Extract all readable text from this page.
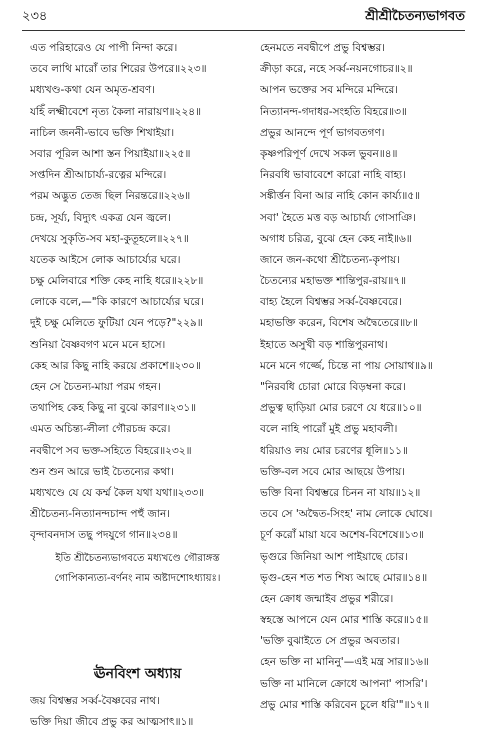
২৩৪	শ্রীশ্রীচৈতন্যভাগবত
এত পরিহারেও যে পাপী নিন্দা করে।
তবে লাথি মারোঁ তার শিরের উপরে॥২২৩॥
মধ্যখণ্ড-কথা যেন অমৃত-শ্রবণ।
যহিঁ লক্ষ্মীবেশে নৃত্য কৈলা নারায়ণ॥২২৪॥
নাচিল জননী-ভাবে ভক্তি শিখাইয়া।
সবার পূরিল আশা স্তন পিয়াইয়া॥২২৫॥
সপ্তদিন শ্রীআচার্য্য-রত্নের মন্দিরে।
পরম অদ্ভুত তেজ ছিল নিরন্তরে॥২২৬॥
চন্দ্র, সূর্য্য, বিদ্যুৎ একত্র যেন জ্বলে।
দেখয়ে সুকৃতি-সব মহা-কুতূহলে॥২২৭॥
যতেক আইসে লোক আচার্য্যের ঘরে।
চক্ষু মেলিবারে শক্তি কেহ নাহি ধরে॥২২৮॥
লোকে বলে,—"কি কারণে আচার্য্যের ঘরে।
দুই চক্ষু মেলিতে ফুটিয়া যেন পড়ে?"২২৯॥
শুনিয়া বৈষ্ণবগণ মনে মনে হাসে।
কেহ আর কিছু নাহি করয়ে প্রকাশে॥২৩০॥
হেন সে চৈতন্য-মায়া পরম গহন।
তথাপিহ কেহ কিছু না বুঝে কারণ॥২৩১॥
এমত অচিন্ত্য-লীলা গৌরচন্দ্র করে।
নবদ্বীপে সব ভক্ত-সহিতে বিহরে॥২৩২॥
শুন শুন আরে ভাই চৈতন্যের কথা।
মধ্যখণ্ডে যে যে কর্ম্ম কৈল যথা যথা॥২৩৩॥
শ্রীচৈতন্য-নিত্যানন্দচান্দ পহুঁ জান।
বৃন্দাবনদাস তছু পদযুগে গান॥২৩৪॥
ইতি শ্রীচৈতন্যভাগবতে মধ্যখণ্ডে গৌরাঙ্গস্ত
গোপিকান্যত্য-বর্ণনং নাম অষ্টাদশোঽধ্যায়ঃ।
ঊনবিংশ অধ্যায়
জয় বিশ্বম্ভর সর্ব্ব-বৈষ্ণবের নাথ।
ভক্তি দিয়া জীবে প্রভু কর আত্মসাৎ॥১॥
হেনমতে নবদ্বীপে প্রভু বিশ্বম্ভর।
ক্রীড়া করে, নহে সর্ব্ব-নয়নগোচর॥২॥
আপন ভক্তের সব মন্দিরে মন্দিরে।
নিত্যানন্দ-গদাধর-সংহতি বিহরে॥৩॥
প্রভুর আনন্দে পূর্ণ ভাগবতগণ।
কৃষ্ণপরিপূর্ণ দেখে সকল ভুবন॥৪॥
নিরবধি ভাবাবেশে কারো নাহি বাহ্য।
সঙ্কীর্ত্তন বিনা আর নাহি কোন কার্য্য॥৫॥
সবা' হৈতে মত্ত বড় আচার্য্য গোসাঞি।
অগাধ চরিত্র, বুঝে হেন কেহ নাই॥৬॥
জানে জন-কথো শ্রীচৈতন্য-কৃপায়।
চৈতন্যের মহাভক্ত শান্তিপুর-রায়॥৭॥
বাহ্য হৈলে বিশ্বম্ভর সর্ব্ব-বৈষ্ণবেরে।
মহাভক্তি করেন, বিশেষ অদ্বৈতেরে॥৮॥
ইহাতে অসুখী বড় শান্তিপুরনাথ।
মনে মনে গর্জ্জে, চিন্তে না পায় সোয়াথ॥৯॥
"নিরবধি চোরা মোরে বিড়ম্বনা করে।
প্রভুত্ব ছাড়িয়া মোর চরণে যে ধরে॥১০॥
বলে নাহি পারোঁ মুই প্রভু মহাবলী।
ধরিয়াও লয় মোর চরণের ধূলি॥১১॥
ভক্তি-বল সবে মোর আছয়ে উপায়।
ভক্তি বিনা বিশ্বম্ভরে চিনন না যায়॥১২॥
তবে সে 'অদ্বৈত-সিংহ' নাম লোকে ঘোষে।
চূর্ণ করোঁ মায়া যবে অশেষ-বিশেষে॥১৩॥
ভৃগুরে জিনিয়া আশ পাইয়াছে চোর।
ভৃগু-হেন শত শত শিষ্য আছে মোর॥১৪॥
হেন ক্রোধ জন্মাইব প্রভুর শরীরে।
স্বহস্তে আপনে যেন মোর শাস্তি করে॥১৫॥
'ভক্তি বুঝাইতে সে প্রভুর অবতার।
হেন ভক্তি না মানিনু'—এই মন্ত্র সার॥১৬॥
ভক্তি না মানিলে ক্রোধে আপনা' পাসরি'।
প্রভু মোর শাস্তি করিবেন চুলে ধরি'"॥১৭॥
